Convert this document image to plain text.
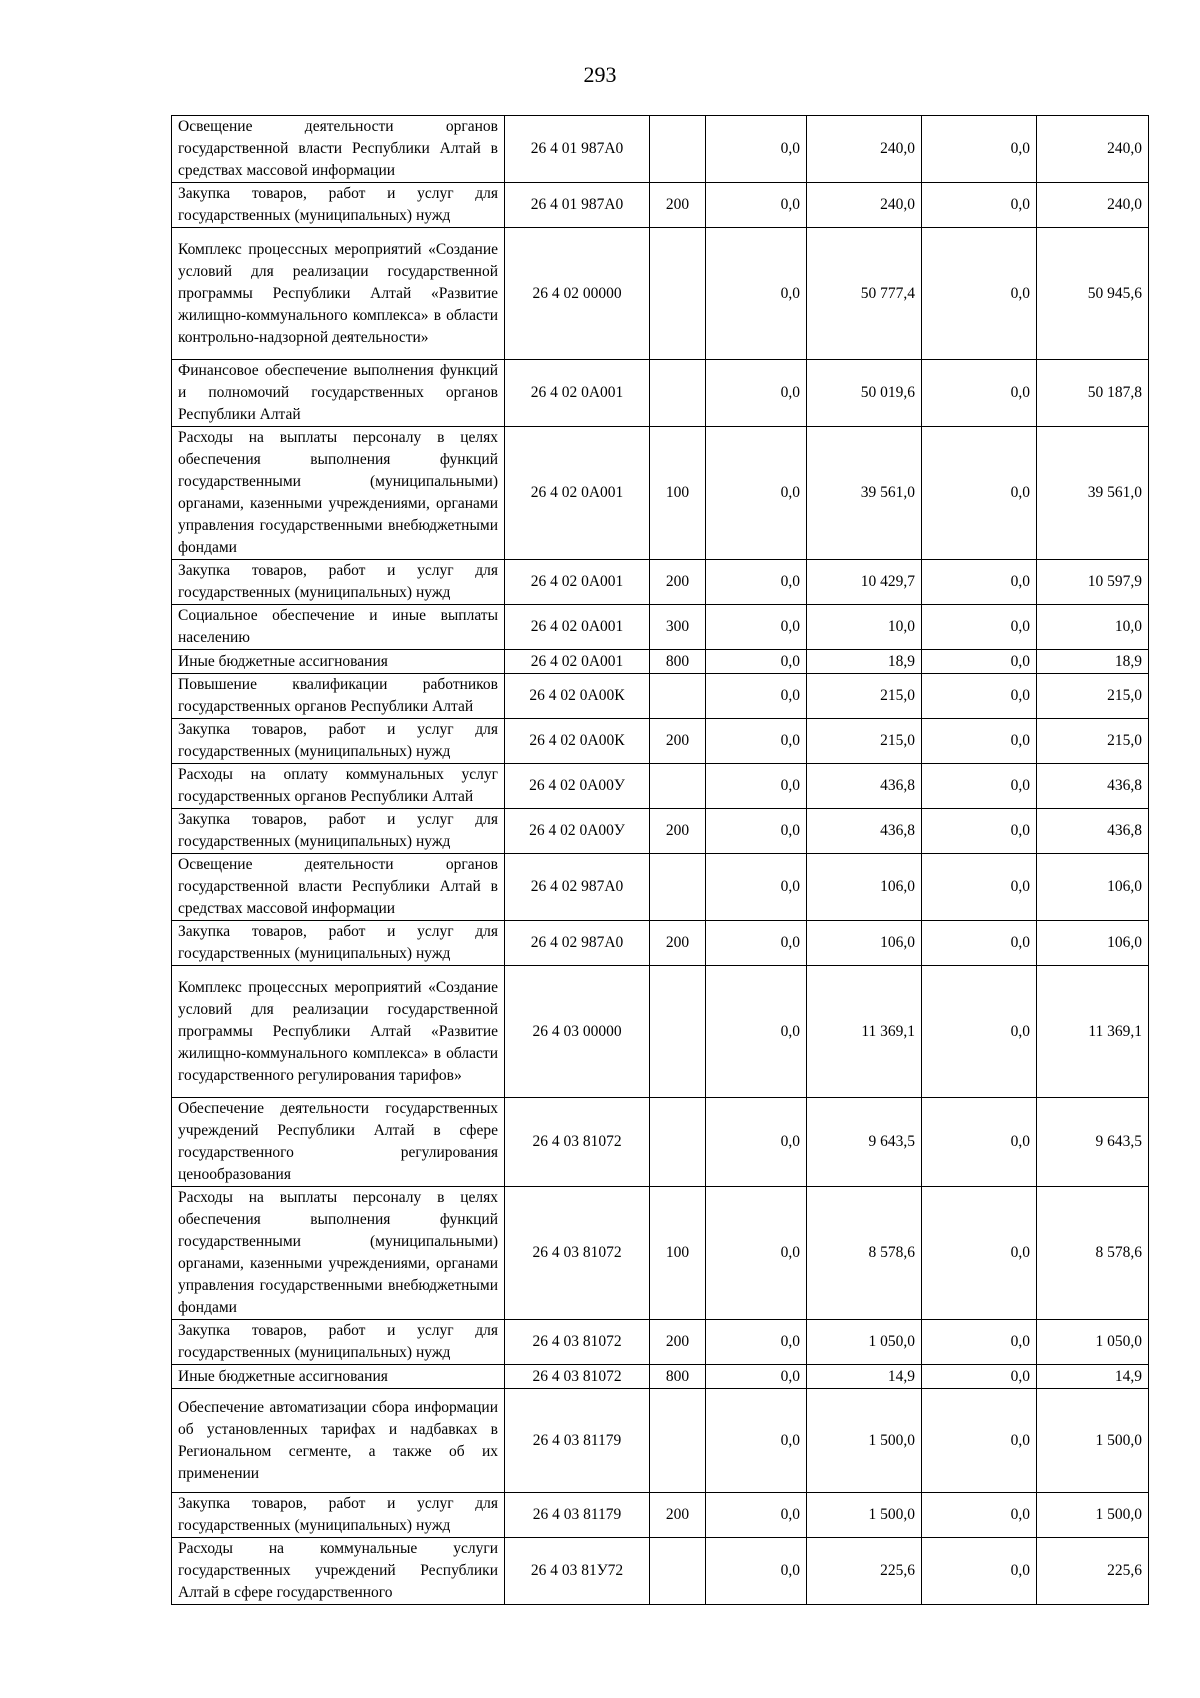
293
Освещение деятельности органов государственной власти Республики Алтай в средствах массовой информации	26 4 01 987А0		0,0	240,0	0,0	240,0
Закупка товаров, работ и услуг для государственных (муниципальных) нужд	26 4 01 987А0	200	0,0	240,0	0,0	240,0
Комплекс процессных мероприятий «Создание условий для реализации государственной программы Республики Алтай «Развитие жилищно-коммунального комплекса» в области контрольно-надзорной деятельности»	26 4 02 00000		0,0	50 777,4	0,0	50 945,6
Финансовое обеспечение выполнения функций и полномочий государственных органов Республики Алтай	26 4 02 0А001		0,0	50 019,6	0,0	50 187,8
Расходы на выплаты персоналу в целях обеспечения выполнения функций государственными (муниципальными) органами, казенными учреждениями, органами управления государственными внебюджетными фондами	26 4 02 0А001	100	0,0	39 561,0	0,0	39 561,0
Закупка товаров, работ и услуг для государственных (муниципальных) нужд	26 4 02 0А001	200	0,0	10 429,7	0,0	10 597,9
Социальное обеспечение и иные выплаты населению	26 4 02 0А001	300	0,0	10,0	0,0	10,0
Иные бюджетные ассигнования	26 4 02 0А001	800	0,0	18,9	0,0	18,9
Повышение квалификации работников государственных органов Республики Алтай	26 4 02 0А00К		0,0	215,0	0,0	215,0
Закупка товаров, работ и услуг для государственных (муниципальных) нужд	26 4 02 0А00К	200	0,0	215,0	0,0	215,0
Расходы на оплату коммунальных услуг государственных органов Республики Алтай	26 4 02 0А00У		0,0	436,8	0,0	436,8
Закупка товаров, работ и услуг для государственных (муниципальных) нужд	26 4 02 0А00У	200	0,0	436,8	0,0	436,8
Освещение деятельности органов государственной власти Республики Алтай в средствах массовой информации	26 4 02 987А0		0,0	106,0	0,0	106,0
Закупка товаров, работ и услуг для государственных (муниципальных) нужд	26 4 02 987А0	200	0,0	106,0	0,0	106,0
Комплекс процессных мероприятий «Создание условий для реализации государственной программы Республики Алтай «Развитие жилищно-коммунального комплекса» в области государственного регулирования тарифов»	26 4 03 00000		0,0	11 369,1	0,0	11 369,1
Обеспечение деятельности государственных учреждений Республики Алтай в сфере государственного регулирования ценообразования	26 4 03 81072		0,0	9 643,5	0,0	9 643,5
Расходы на выплаты персоналу в целях обеспечения выполнения функций государственными (муниципальными) органами, казенными учреждениями, органами управления государственными внебюджетными фондами	26 4 03 81072	100	0,0	8 578,6	0,0	8 578,6
Закупка товаров, работ и услуг для государственных (муниципальных) нужд	26 4 03 81072	200	0,0	1 050,0	0,0	1 050,0
Иные бюджетные ассигнования	26 4 03 81072	800	0,0	14,9	0,0	14,9
Обеспечение автоматизации сбора информации об установленных тарифах и надбавках в Региональном сегменте, а также об их применении	26 4 03 81179		0,0	1 500,0	0,0	1 500,0
Закупка товаров, работ и услуг для государственных (муниципальных) нужд	26 4 03 81179	200	0,0	1 500,0	0,0	1 500,0
Расходы на коммунальные услуги государственных учреждений Республики Алтай в сфере государственного	26 4 03 81У72		0,0	225,6	0,0	225,6
